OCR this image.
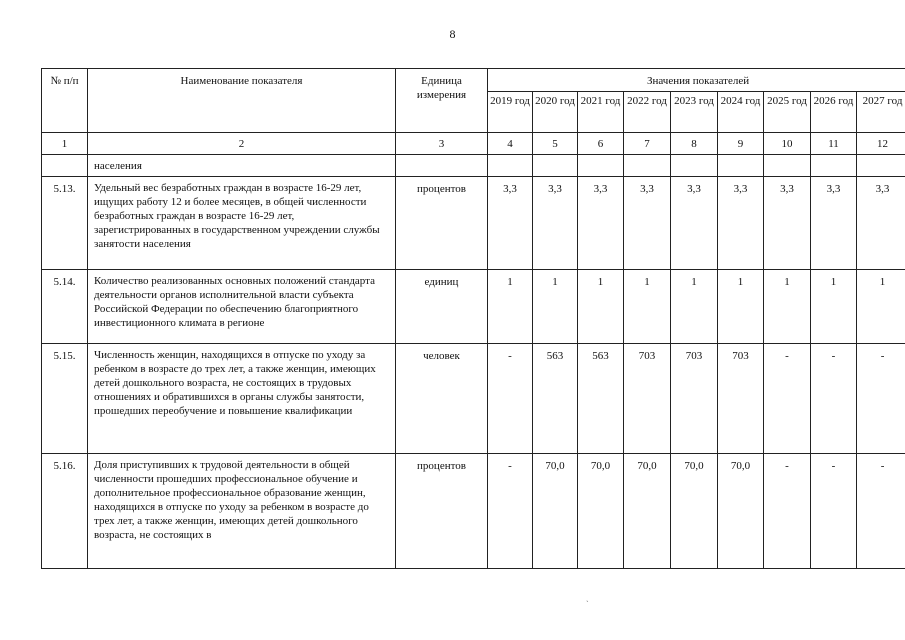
8
№ п/п	Наименование показателя	Единица измерения	Значения показателей								
			2019 год	2020 год	2021 год	2022 год	2023 год	2024 год	2025 год	2026 год	2027 год
1	2	3	4	5	6	7	8	9	10	11	12
	населения										
5.13.	Удельный вес безработных граждан в возрасте 16-29 лет, ищущих работу 12 и более месяцев, в общей численности безработных граждан в возрасте 16-29 лет, зарегистрированных в государственном учреждении службы занятости населения	процентов	3,3	3,3	3,3	3,3	3,3	3,3	3,3	3,3	3,3
5.14.	Количество реализованных основных положений стандарта деятельности органов исполнительной власти субъекта Российской Федерации по обеспечению благоприятного инвестиционного климата в регионе	единиц	1	1	1	1	1	1	1	1	1
5.15.	Численность женщин, находящихся в отпуске по уходу за ребенком в возрасте до трех лет, а также женщин, имеющих детей дошкольного возраста, не состоящих в трудовых отношениях и обратившихся в органы службы занятости, прошедших переобучение и повышение квалификации	человек	-	563	563	703	703	703	-	-	-
5.16.	Доля приступивших к трудовой деятельности в общей численности прошедших профессиональное обучение и дополнительное профессиональное образование женщин, находящихся в отпуске по уходу за ребенком в возрасте до трех лет, а также женщин, имеющих детей дошкольного возраста, не состоящих в	процентов	-	70,0	70,0	70,0	70,0	70,0	-	-	-
ˎ
